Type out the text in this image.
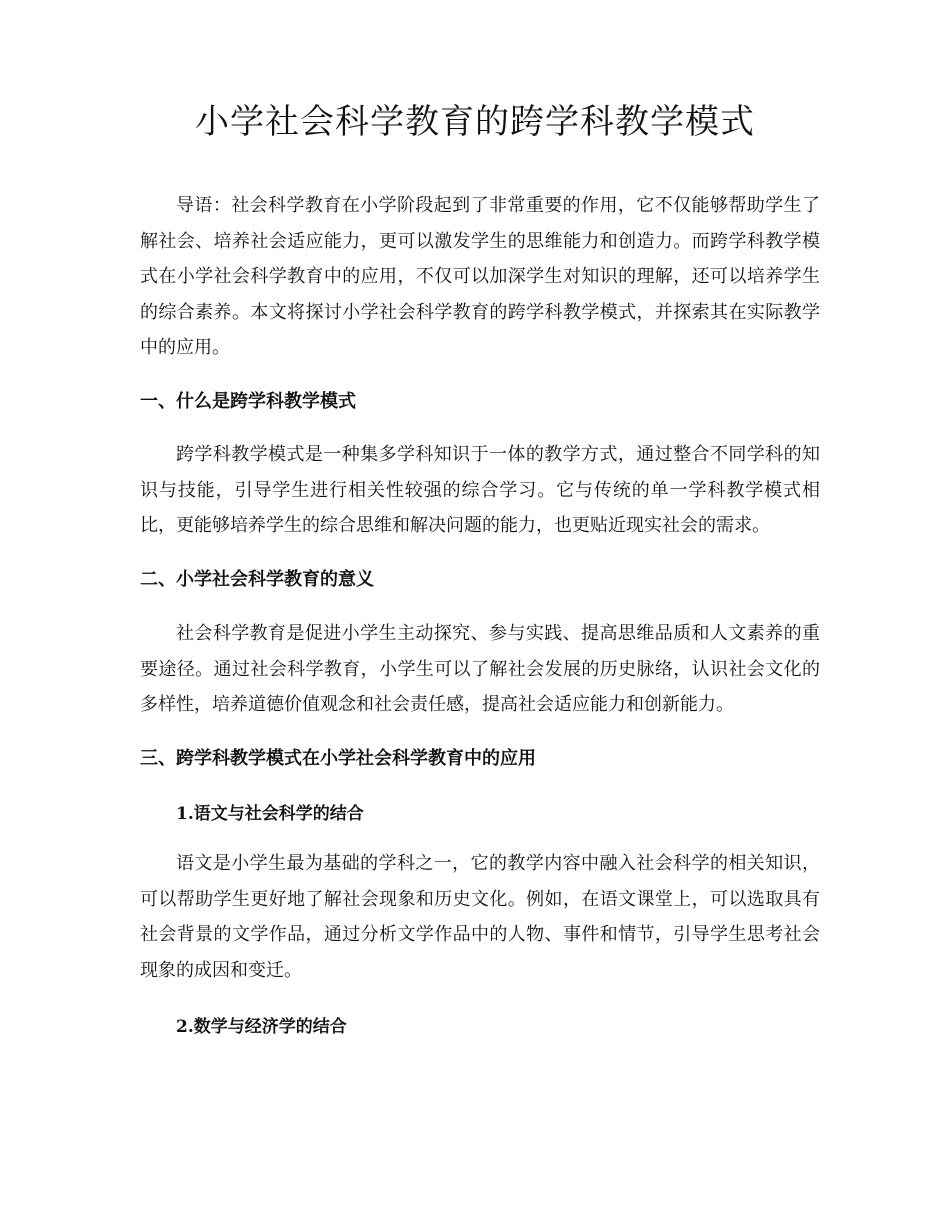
小学社会科学教育的跨学科教学模式

导语：社会科学教育在小学阶段起到了非常重要的作用，它不仅能够帮助学生了解社会、培养社会适应能力，更可以激发学生的思维能力和创造力。而跨学科教学模式在小学社会科学教育中的应用，不仅可以加深学生对知识的理解，还可以培养学生的综合素养。本文将探讨小学社会科学教育的跨学科教学模式，并探索其在实际教学中的应用。

一、什么是跨学科教学模式

跨学科教学模式是一种集多学科知识于一体的教学方式，通过整合不同学科的知识与技能，引导学生进行相关性较强的综合学习。它与传统的单一学科教学模式相比，更能够培养学生的综合思维和解决问题的能力，也更贴近现实社会的需求。

二、小学社会科学教育的意义

社会科学教育是促进小学生主动探究、参与实践、提高思维品质和人文素养的重要途径。通过社会科学教育，小学生可以了解社会发展的历史脉络，认识社会文化的多样性，培养道德价值观念和社会责任感，提高社会适应能力和创新能力。

三、跨学科教学模式在小学社会科学教育中的应用
1.语文与社会科学的结合

语文是小学生最为基础的学科之一，它的教学内容中融入社会科学的相关知识，可以帮助学生更好地了解社会现象和历史文化。例如，在语文课堂上，可以选取具有社会背景的文学作品，通过分析文学作品中的人物、事件和情节，引导学生思考社会现象的成因和变迁。

2.数学与经济学的结合
